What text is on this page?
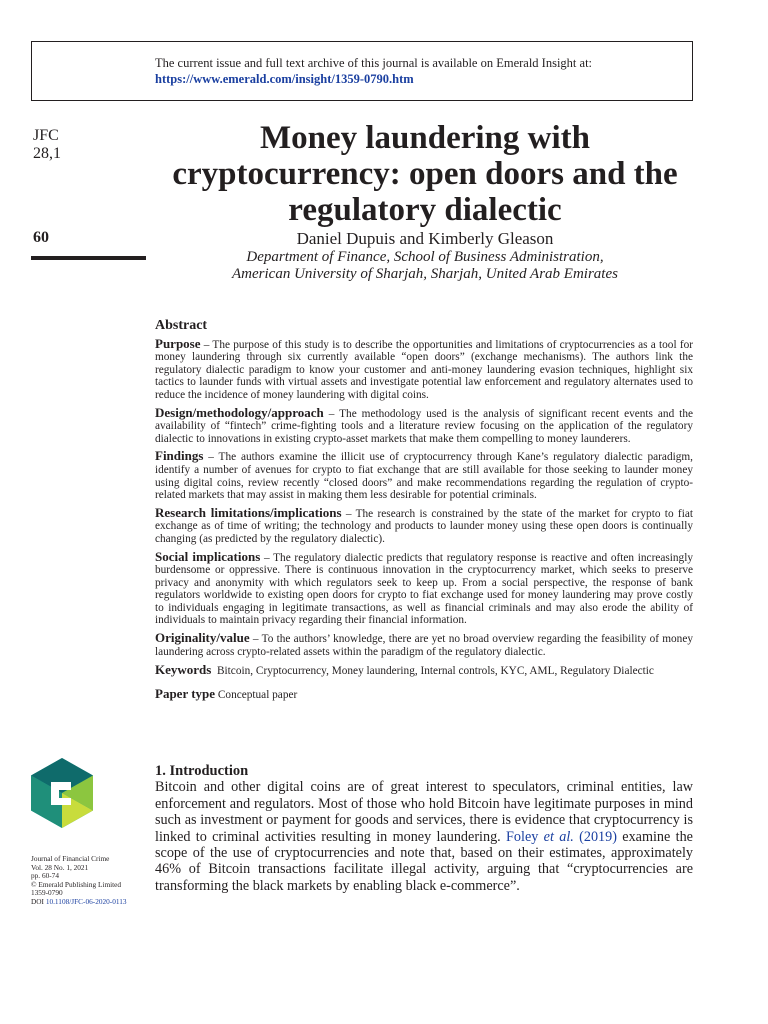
The current issue and full text archive of this journal is available on Emerald Insight at:
https://www.emerald.com/insight/1359-0790.htm
JFC
28,1
60
Money laundering with cryptocurrency: open doors and the regulatory dialectic
Daniel Dupuis and Kimberly Gleason
Department of Finance, School of Business Administration,
American University of Sharjah, Sharjah, United Arab Emirates
Abstract

Purpose – The purpose of this study is to describe the opportunities and limitations of cryptocurrencies as a tool for money laundering through six currently available “open doors” (exchange mechanisms). The authors link the regulatory dialectic paradigm to know your customer and anti-money laundering evasion techniques, highlight six tactics to launder funds with virtual assets and investigate potential law enforcement and regulatory alternates used to reduce the incidence of money laundering with digital coins.

Design/methodology/approach – The methodology used is the analysis of significant recent events and the availability of “fintech” crime-fighting tools and a literature review focusing on the application of the regulatory dialectic to innovations in existing crypto-asset markets that make them compelling to money launderers.

Findings – The authors examine the illicit use of cryptocurrency through Kane’s regulatory dialectic paradigm, identify a number of avenues for crypto to fiat exchange that are still available for those seeking to launder money using digital coins, review recently “closed doors” and make recommendations regarding the regulation of crypto-related markets that may assist in making them less desirable for potential criminals.

Research limitations/implications – The research is constrained by the state of the market for crypto to fiat exchange as of time of writing; the technology and products to launder money using these open doors is continually changing (as predicted by the regulatory dialectic).

Social implications – The regulatory dialectic predicts that regulatory response is reactive and often increasingly burdensome or oppressive. There is continuous innovation in the cryptocurrency market, which seeks to preserve privacy and anonymity with which regulators seek to keep up. From a social perspective, the response of bank regulators worldwide to existing open doors for crypto to fiat exchange used for money laundering may prove costly to individuals engaging in legitimate transactions, as well as financial criminals and may also erode the ability of individuals to maintain privacy regarding their financial information.

Originality/value – To the authors’ knowledge, there are yet no broad overview regarding the feasibility of money laundering across crypto-related assets within the paradigm of the regulatory dialectic.

Keywords Bitcoin, Cryptocurrency, Money laundering, Internal controls, KYC, AML, Regulatory Dialectic
Paper type Conceptual paper
Journal of Financial Crime
Vol. 28 No. 1, 2021
pp. 60-74
© Emerald Publishing Limited
1359-0790
DOI 10.1108/JFC-06-2020-0113
1. Introduction

Bitcoin and other digital coins are of great interest to speculators, criminal entities, law enforcement and regulators. Most of those who hold Bitcoin have legitimate purposes in mind such as investment or payment for goods and services, there is evidence that cryptocurrency is linked to criminal activities resulting in money laundering. Foley et al. (2019) examine the scope of the use of cryptocurrencies and note that, based on their estimates, approximately 46% of Bitcoin transactions facilitate illegal activity, arguing that “cryptocurrencies are transforming the black markets by enabling black e-commerce”.
